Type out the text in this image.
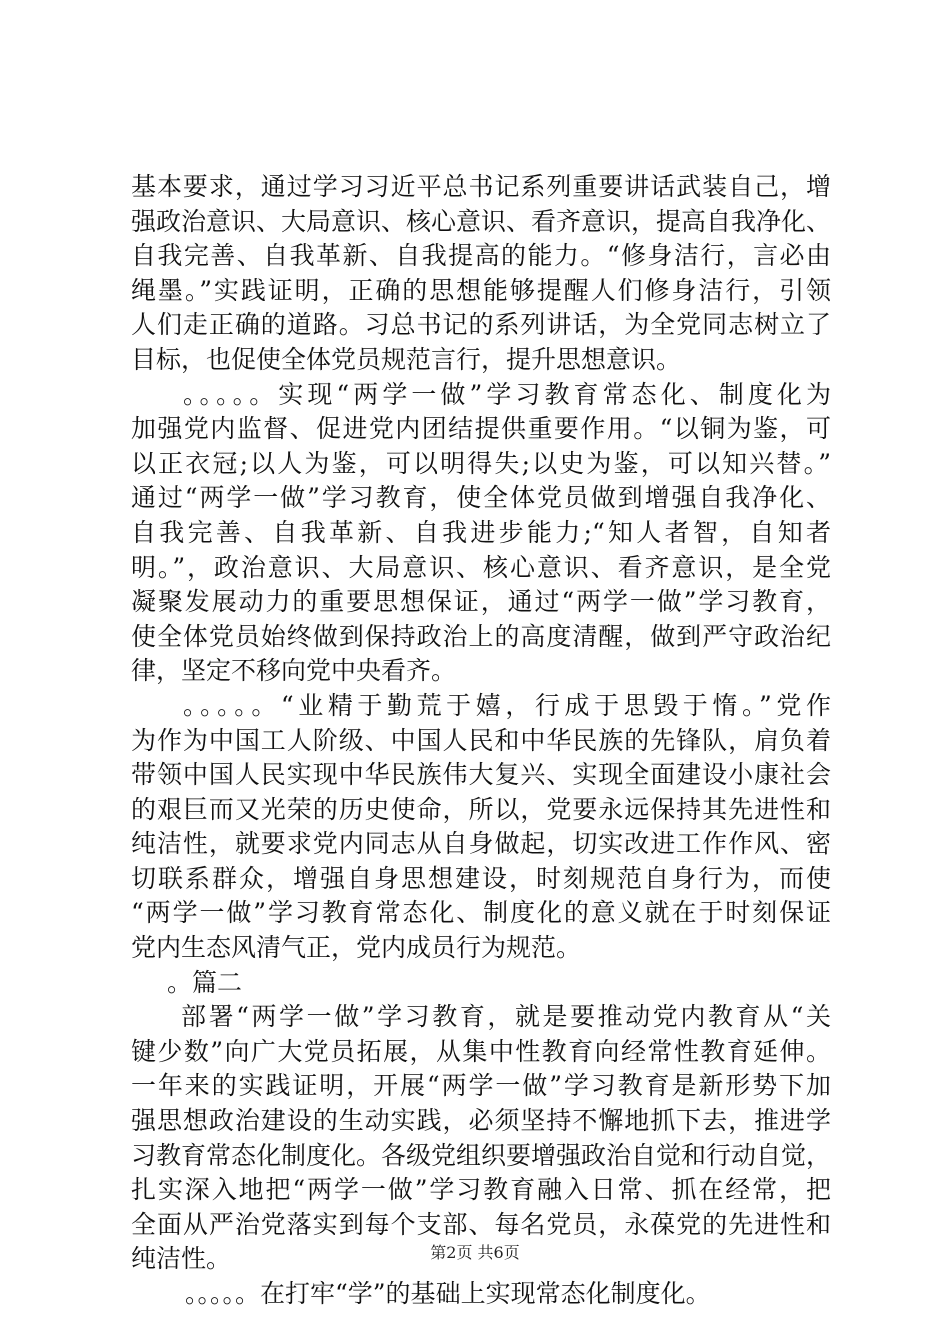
基本要求，通过学习习近平总书记系列重要讲话武装自己，增
强政治意识、大局意识、核心意识、看齐意识，提高自我净化、
自我完善、自我革新、自我提高的能力。“修身洁行，言必由
绳墨。”实践证明，正确的思想能够提醒人们修身洁行，引领
人们走正确的道路。习总书记的系列讲话，为全党同志树立了
目标，也促使全体党员规范言行，提升思想意识。
。。。。。实现“两学一做”学习教育常态化、制度化为
加强党内监督、促进党内团结提供重要作用。“以铜为鉴，可
以正衣冠;以人为鉴，可以明得失;以史为鉴，可以知兴替。”
通过“两学一做”学习教育，使全体党员做到增强自我净化、
自我完善、自我革新、自我进步能力;“知人者智，自知者
明。”，政治意识、大局意识、核心意识、看齐意识，是全党
凝聚发展动力的重要思想保证，通过“两学一做”学习教育，
使全体党员始终做到保持政治上的高度清醒，做到严守政治纪
律，坚定不移向党中央看齐。
。。。。。“业精于勤荒于嬉，行成于思毁于惰。”党作
为作为中国工人阶级、中国人民和中华民族的先锋队，肩负着
带领中国人民实现中华民族伟大复兴、实现全面建设小康社会
的艰巨而又光荣的历史使命，所以，党要永远保持其先进性和
纯洁性，就要求党内同志从自身做起，切实改进工作作风、密
切联系群众，增强自身思想建设，时刻规范自身行为，而使
“两学一做”学习教育常态化、制度化的意义就在于时刻保证
党内生态风清气正，党内成员行为规范。
。篇二
部署“两学一做”学习教育，就是要推动党内教育从“关
键少数”向广大党员拓展，从集中性教育向经常性教育延伸。
一年来的实践证明，开展“两学一做”学习教育是新形势下加
强思想政治建设的生动实践，必须坚持不懈地抓下去，推进学
习教育常态化制度化。各级党组织要增强政治自觉和行动自觉，
扎实深入地把“两学一做”学习教育融入日常、抓在经常，把
全面从严治党落实到每个支部、每名党员，永葆党的先进性和
纯洁性。
。。。。。在打牢“学”的基础上实现常态化制度化。
第2页 共6页
